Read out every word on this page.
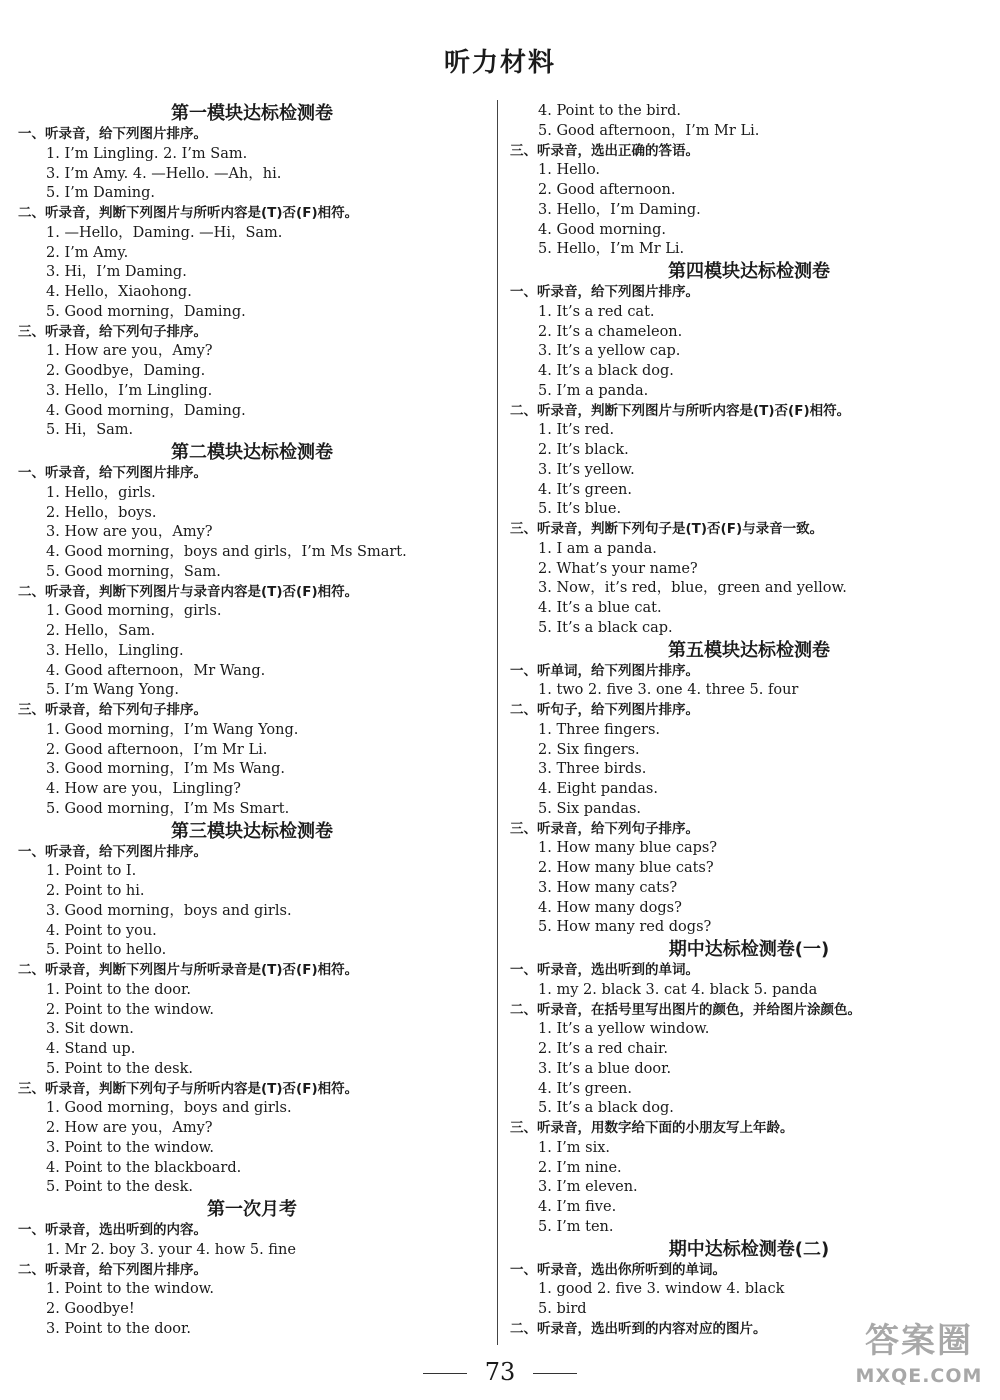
听力材料
第一模块达标检测卷
一、听录音，给下列图片排序。
1. I’m Lingling. 2. I’m Sam.
3. I’m Amy. 4. —Hello. —Ah，hi.
5. I’m Daming.
二、听录音，判断下列图片与所听内容是(T)否(F)相符。
1. —Hello，Daming. —Hi，Sam.
2. I’m Amy.
3. Hi，I’m Daming.
4. Hello，Xiaohong.
5. Good morning，Daming.
三、听录音，给下列句子排序。
1. How are you，Amy?
2. Goodbye，Daming.
3. Hello，I’m Lingling.
4. Good morning，Daming.
5. Hi，Sam.
第二模块达标检测卷
一、听录音，给下列图片排序。
1. Hello，girls.
2. Hello，boys.
3. How are you，Amy?
4. Good morning，boys and girls，I’m Ms Smart.
5. Good morning，Sam.
二、听录音，判断下列图片与录音内容是(T)否(F)相符。
1. Good morning，girls.
2. Hello，Sam.
3. Hello，Lingling.
4. Good afternoon，Mr Wang.
5. I’m Wang Yong.
三、听录音，给下列句子排序。
1. Good morning，I’m Wang Yong.
2. Good afternoon，I’m Mr Li.
3. Good morning，I’m Ms Wang.
4. How are you，Lingling?
5. Good morning，I’m Ms Smart.
第三模块达标检测卷
一、听录音，给下列图片排序。
1. Point to I.
2. Point to hi.
3. Good morning，boys and girls.
4. Point to you.
5. Point to hello.
二、听录音，判断下列图片与所听录音是(T)否(F)相符。
1. Point to the door.
2. Point to the window.
3. Sit down.
4. Stand up.
5. Point to the desk.
三、听录音，判断下列句子与所听内容是(T)否(F)相符。
1. Good morning，boys and girls.
2. How are you，Amy?
3. Point to the window.
4. Point to the blackboard.
5. Point to the desk.
第一次月考
一、听录音，选出听到的内容。
1. Mr 2. boy 3. your 4. how 5. fine
二、听录音，给下列图片排序。
1. Point to the window.
2. Goodbye!
3. Point to the door.
4. Point to the bird.
5. Good afternoon，I’m Mr Li.
三、听录音，选出正确的答语。
1. Hello.
2. Good afternoon.
3. Hello，I’m Daming.
4. Good morning.
5. Hello，I’m Mr Li.
第四模块达标检测卷
一、听录音，给下列图片排序。
1. It’s a red cat.
2. It’s a chameleon.
3. It’s a yellow cap.
4. It’s a black dog.
5. I’m a panda.
二、听录音，判断下列图片与所听内容是(T)否(F)相符。
1. It’s red.
2. It’s black.
3. It’s yellow.
4. It’s green.
5. It’s blue.
三、听录音，判断下列句子是(T)否(F)与录音一致。
1. I am a panda.
2. What’s your name?
3. Now，it’s red，blue，green and yellow.
4. It’s a blue cat.
5. It’s a black cap.
第五模块达标检测卷
一、听单词，给下列图片排序。
1. two 2. five 3. one 4. three 5. four
二、听句子，给下列图片排序。
1. Three fingers.
2. Six fingers.
3. Three birds.
4. Eight pandas.
5. Six pandas.
三、听录音，给下列句子排序。
1. How many blue caps?
2. How many blue cats?
3. How many cats?
4. How many dogs?
5. How many red dogs?
期中达标检测卷(一)
一、听录音，选出听到的单词。
1. my 2. black 3. cat 4. black 5. panda
二、听录音，在括号里写出图片的颜色，并给图片涂颜色。
1. It’s a yellow window.
2. It’s a red chair.
3. It’s a blue door.
4. It’s green.
5. It’s a black dog.
三、听录音，用数字给下面的小朋友写上年龄。
1. I’m six.
2. I’m nine.
3. I’m eleven.
4. I’m five.
5. I’m ten.
期中达标检测卷(二)
一、听录音，选出你所听到的单词。
1. good 2. five 3. window 4. black
5. bird
二、听录音，选出听到的内容对应的图片。
73
答案圈
MXQE.COM
